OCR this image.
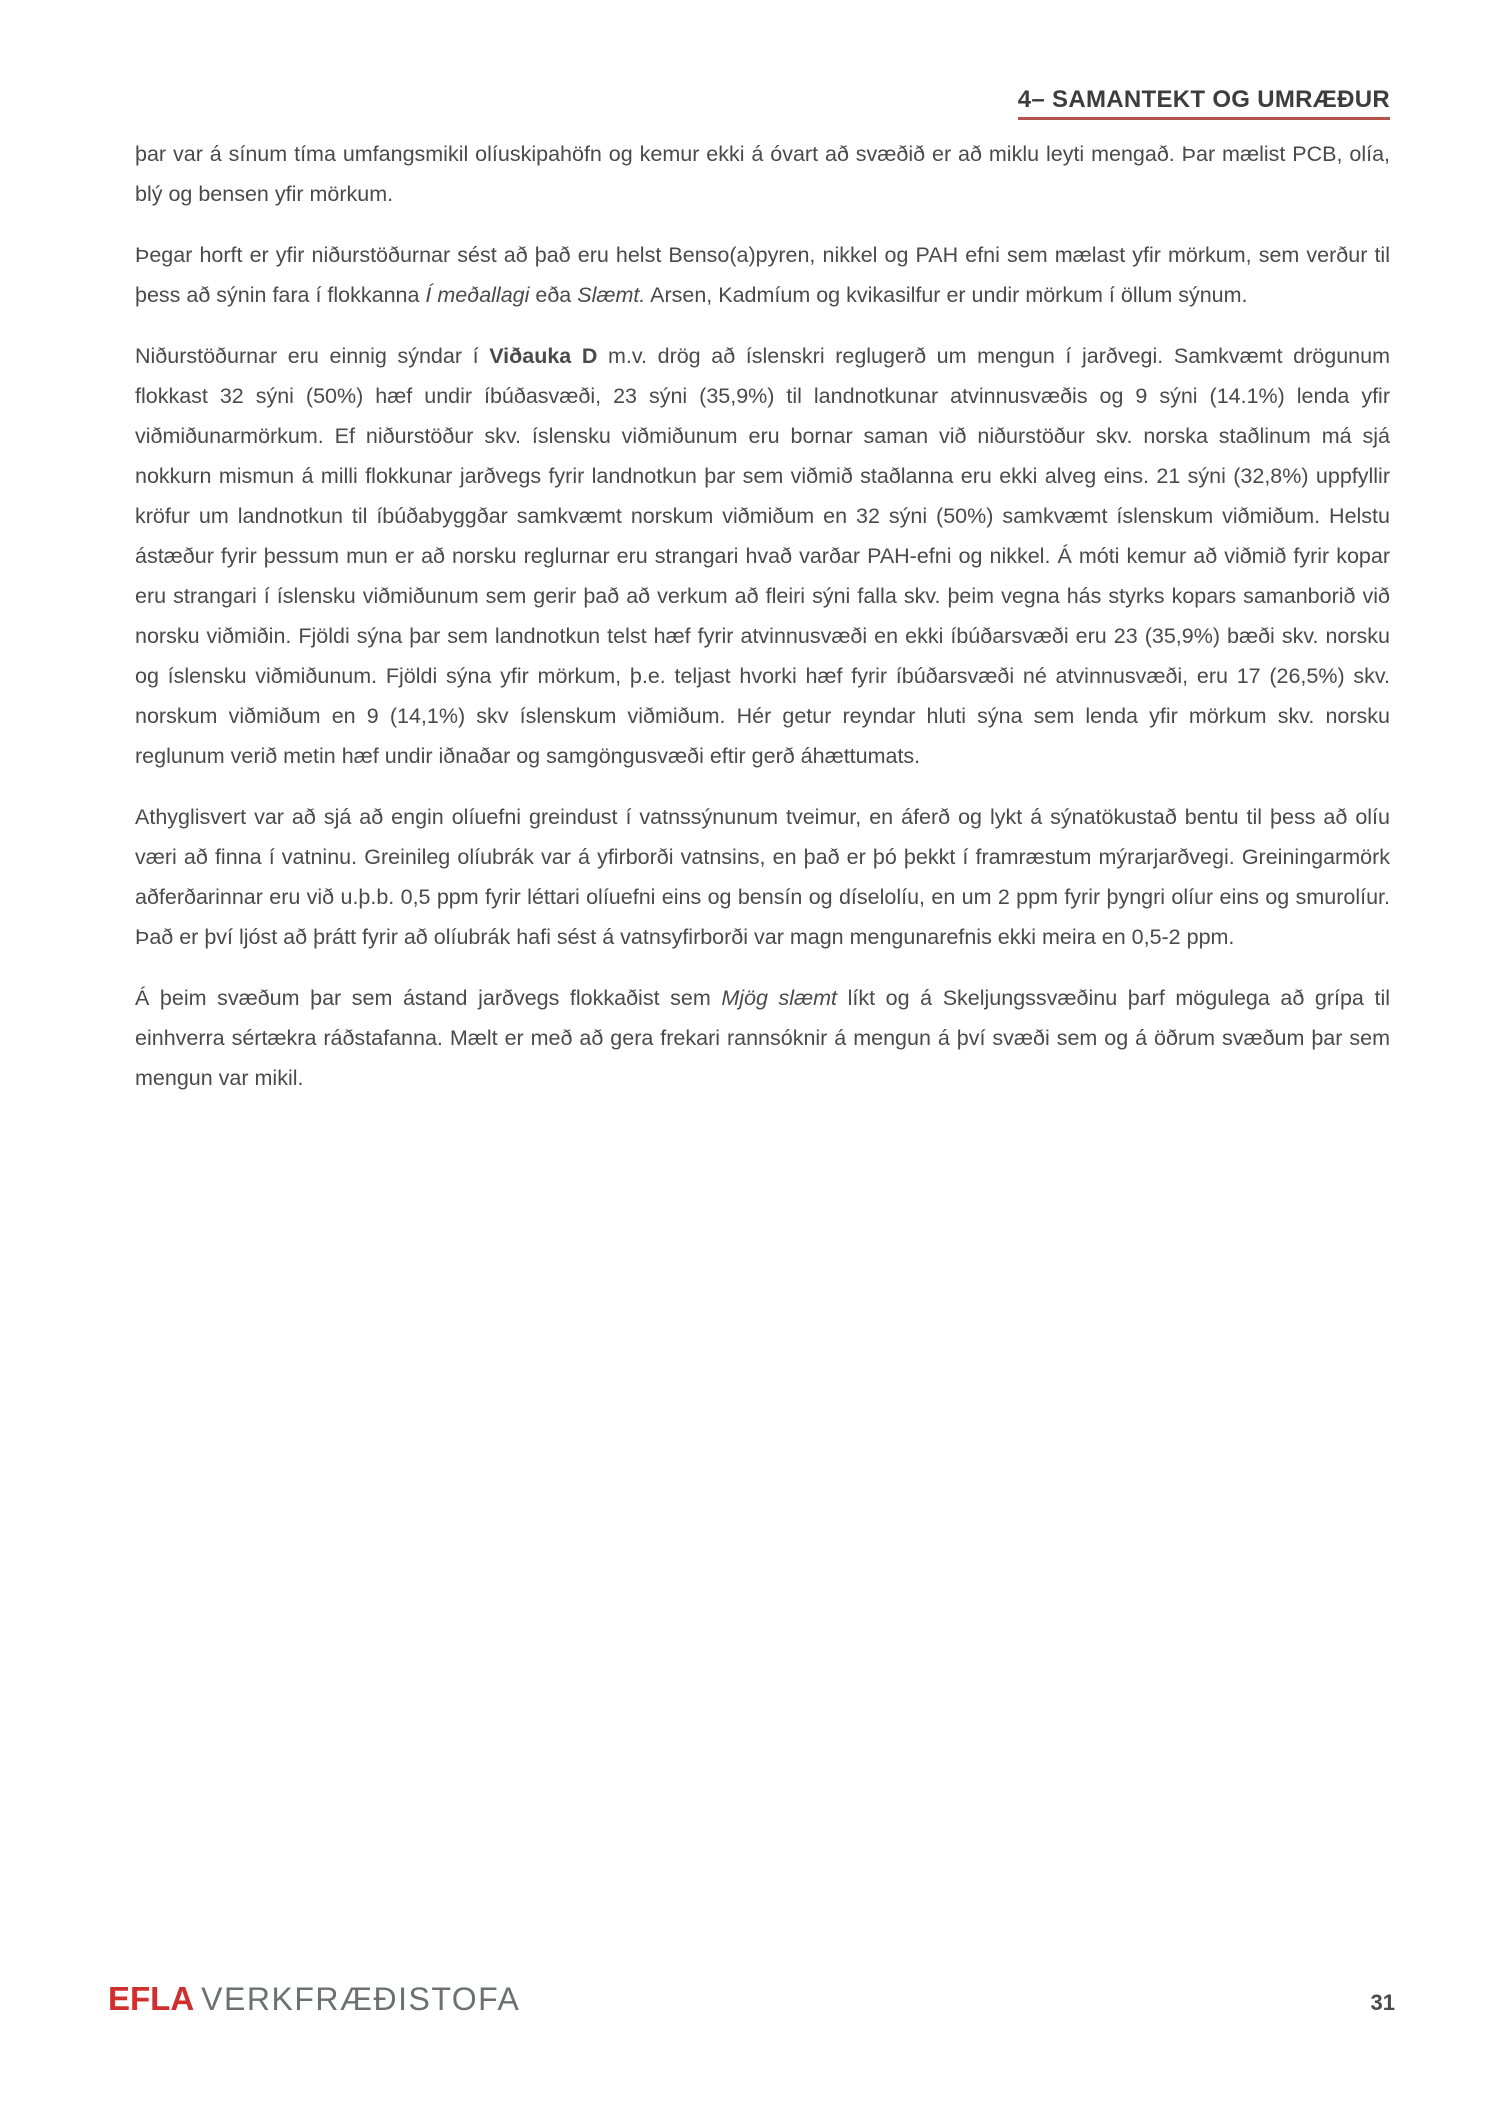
4– SAMANTEKT OG UMRÆÐUR

þar var á sínum tíma umfangsmikil olíuskipahöfn og kemur ekki á óvart að svæðið er að miklu leyti mengað. Þar mælist PCB, olía, blý og bensen yfir mörkum.

Þegar horft er yfir niðurstöðurnar sést að það eru helst Benso(a)pyren, nikkel og PAH efni sem mælast yfir mörkum, sem verður til þess að sýnin fara í flokkanna Í meðallagi eða Slæmt. Arsen, Kadmíum og kvikasilfur er undir mörkum í öllum sýnum.

Niðurstöðurnar eru einnig sýndar í Viðauka D m.v. drög að íslenskri reglugerð um mengun í jarðvegi. Samkvæmt drögunum flokkast 32 sýni (50%) hæf undir íbúðasvæði, 23 sýni (35,9%) til landnotkunar atvinnusvæðis og 9 sýni (14.1%) lenda yfir viðmiðunarmörkum. Ef niðurstöður skv. íslensku viðmiðunum eru bornar saman við niðurstöður skv. norska staðlinum má sjá nokkurn mismun á milli flokkunar jarðvegs fyrir landnotkun þar sem viðmið staðlanna eru ekki alveg eins. 21 sýni (32,8%) uppfyllir kröfur um landnotkun til íbúðabyggðar samkvæmt norskum viðmiðum en 32 sýni (50%) samkvæmt íslenskum viðmiðum. Helstu ástæður fyrir þessum mun er að norsku reglurnar eru strangari hvað varðar PAH-efni og nikkel. Á móti kemur að viðmið fyrir kopar eru strangari í íslensku viðmiðunum sem gerir það að verkum að fleiri sýni falla skv. þeim vegna hás styrks kopars samanborið við norsku viðmiðin. Fjöldi sýna þar sem landnotkun telst hæf fyrir atvinnusvæði en ekki íbúðarsvæði eru 23 (35,9%) bæði skv. norsku og íslensku viðmiðunum. Fjöldi sýna yfir mörkum, þ.e. teljast hvorki hæf fyrir íbúðarsvæði né atvinnusvæði, eru 17 (26,5%) skv. norskum viðmiðum en 9 (14,1%) skv íslenskum viðmiðum. Hér getur reyndar hluti sýna sem lenda yfir mörkum skv. norsku reglunum verið metin hæf undir iðnaðar og samgöngusvæði eftir gerð áhættumats.

Athyglisvert var að sjá að engin olíuefni greindust í vatnssýnunum tveimur, en áferð og lykt á sýnatökustað bentu til þess að olíu væri að finna í vatninu. Greinileg olíubrák var á yfirborði vatnsins, en það er þó þekkt í framræstum mýrarjarðvegi. Greiningarmörk aðferðarinnar eru við u.þ.b. 0,5 ppm fyrir léttari olíuefni eins og bensín og díselolíu, en um 2 ppm fyrir þyngri olíur eins og smurolíur. Það er því ljóst að þrátt fyrir að olíubrák hafi sést á vatnsyfirborði var magn mengunarefnis ekki meira en 0,5-2 ppm.

Á þeim svæðum þar sem ástand jarðvegs flokkaðist sem Mjög slæmt líkt og á Skeljungssvæðinu þarf mögulega að grípa til einhverra sértækra ráðstafanna. Mælt er með að gera frekari rannsóknir á mengun á því svæði sem og á öðrum svæðum þar sem mengun var mikil.

EFLA VERKFRÆÐISTOFA	31
